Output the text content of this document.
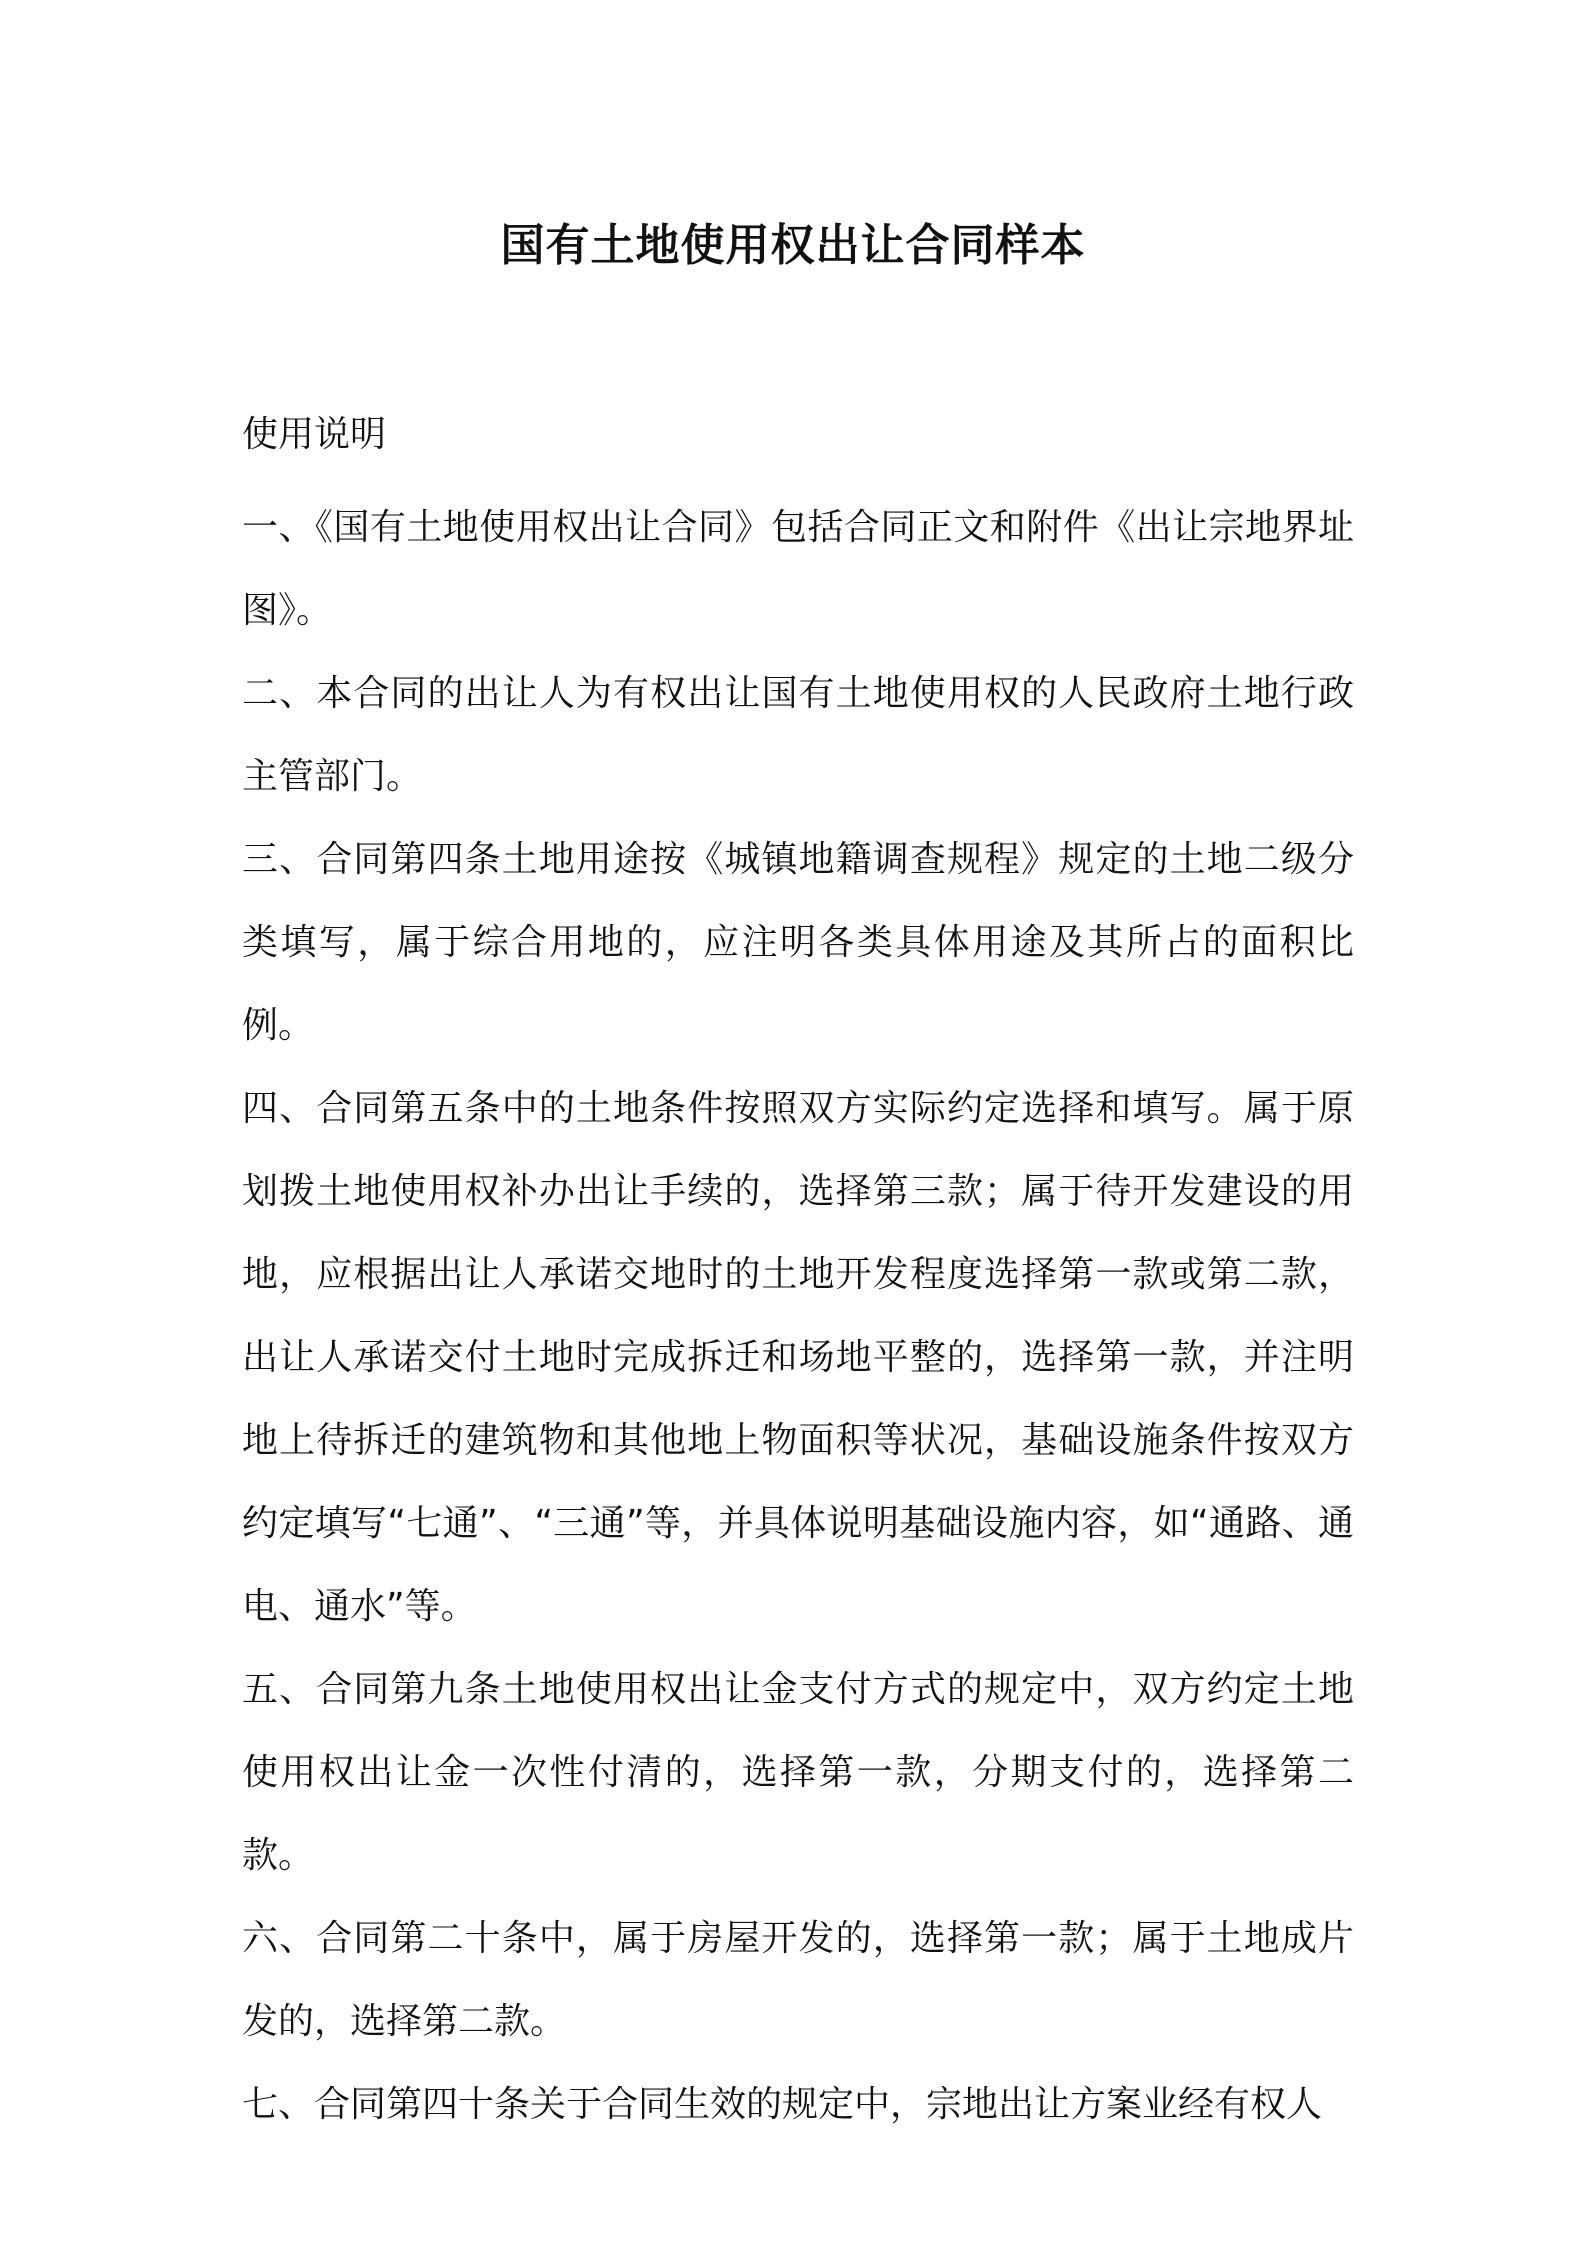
国有土地使用权出让合同样本
使用说明

一、《国有土地使用权出让合同》包括合同正文和附件《出让宗地界址图》。

二、本合同的出让人为有权出让国有土地使用权的人民政府土地行政主管部门。

三、合同第四条土地用途按《城镇地籍调查规程》规定的土地二级分类填写，属于综合用地的，应注明各类具体用途及其所占的面积比例。

四、合同第五条中的土地条件按照双方实际约定选择和填写。属于原划拨土地使用权补办出让手续的，选择第三款；属于待开发建设的用地，应根据出让人承诺交地时的土地开发程度选择第一款或第二款，出让人承诺交付土地时完成拆迁和场地平整的，选择第一款，并注明地上待拆迁的建筑物和其他地上物面积等状况，基础设施条件按双方约定填写“七通”、“三通”等，并具体说明基础设施内容，如“通路、通电、通水”等。

五、合同第九条土地使用权出让金支付方式的规定中，双方约定土地使用权出让金一次性付清的，选择第一款，分期支付的，选择第二款。

六、合同第二十条中，属于房屋开发的，选择第一款；属于土地成片发的，选择第二款。

七、合同第四十条关于合同生效的规定中，宗地出让方案业经有权人
